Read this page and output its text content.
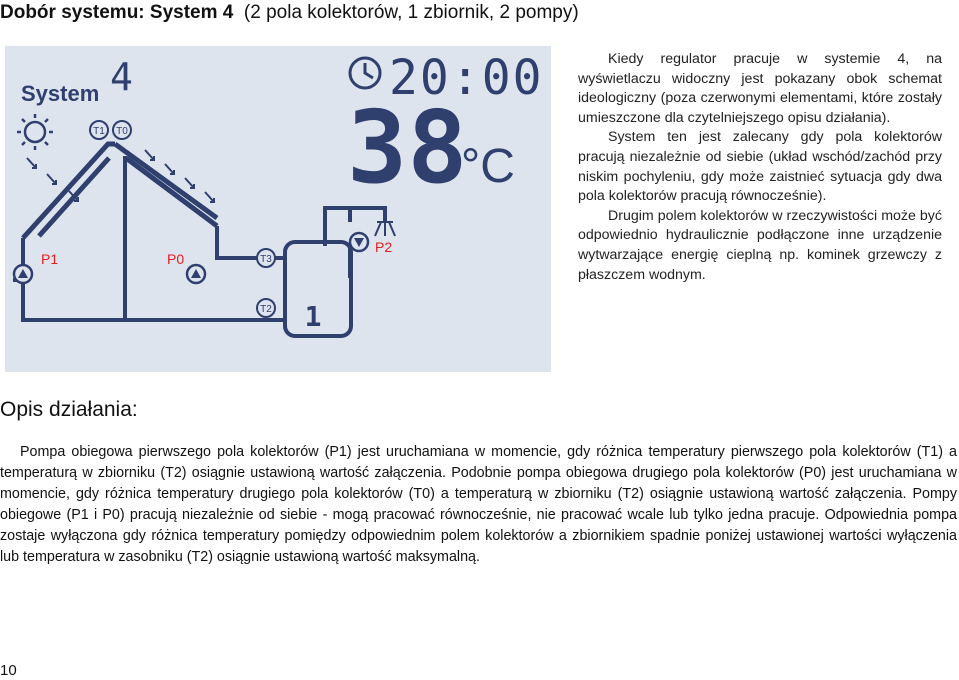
Dobór systemu: System 4 (2 pola kolektorów, 1 zbiornik, 2 pompy)
System 4	20:00
38
°C
T1 T0
T3
T2 1
P1	P0
P2

Kiedy regulator pracuje w systemie 4, na wyświetlaczu widoczny jest pokazany obok schemat ideologiczny (poza czerwonymi elementami, które zostały umieszczone dla czytelniejszego opisu działania).

System ten jest zalecany gdy pola kolektorów pracują niezależnie od siebie (układ wschód/zachód przy niskim pochyleniu, gdy może zaistnieć sytuacja gdy dwa pola kolektorów pracują równocześnie).

Drugim polem kolektorów w rzeczywistości może być odpowiednio hydraulicznie podłączone inne urządzenie wytwarzające energię cieplną np. kominek grzewczy z płaszczem wodnym.

Opis działania:

Pompa obiegowa pierwszego pola kolektorów (P1) jest uruchamiana w momencie, gdy różnica temperatury pierwszego pola kolektorów (T1) a temperaturą w zbiorniku (T2) osiągnie ustawioną wartość załączenia. Podobnie pompa obiegowa drugiego pola kolektorów (P0) jest uruchamiana w momencie, gdy różnica temperatury drugiego pola kolektorów (T0) a temperaturą w zbiorniku (T2) osiągnie ustawioną wartość załączenia. Pompy obiegowe (P1 i P0) pracują niezależnie od siebie - mogą pracować równocześnie, nie pracować wcale lub tylko jedna pracuje. Odpowiednia pompa zostaje wyłączona gdy różnica temperatury pomiędzy odpowiednim polem kolektorów a zbiornikiem spadnie poniżej ustawionej wartości wyłączenia lub temperatura w zasobniku (T2) osiągnie ustawioną wartość maksymalną.

10
